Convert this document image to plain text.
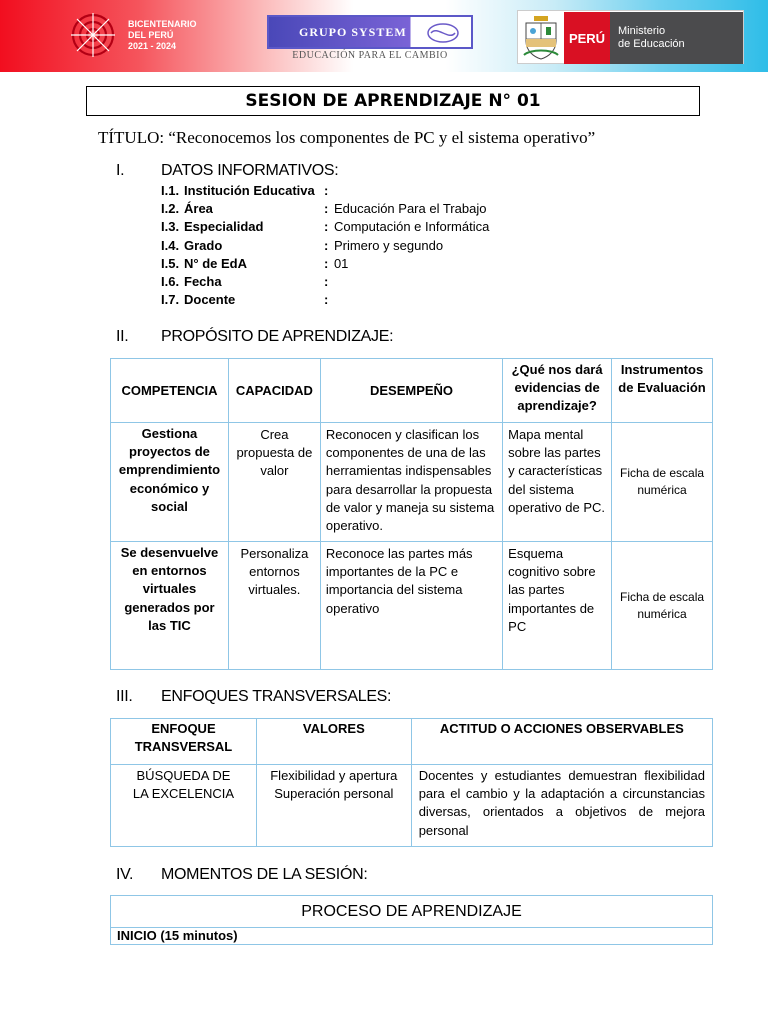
BICENTENARIO
DEL PERÚ
2021 - 2024
GRUPO SYSTEM
EDUCACIÓN PARA EL CAMBIO
PERÚ	Ministerio
de Educación
SESION DE APRENDIZAJE N° 01
TÍTULO: “Reconocemos los componentes de PC y el sistema operativo”
I. DATOS INFORMATIVOS:
I.1. Institución Educativa :
I.2. Área	: Educación Para el Trabajo
I.3. Especialidad	: Computación e Informática
I.4. Grado	: Primero y segundo
I.5. N° de EdA	: 01
I.6. Fecha	:
I.7. Docente	:
II. PROPÓSITO DE APRENDIZAJE:
COMPETENCIA	CAPACIDAD	DESEMPEÑO	¿Qué nos dará evidencias de aprendizaje?	Instrumentos de Evaluación
Gestiona proyectos de emprendimiento económico y social	Crea propuesta de valor	Reconocen y clasifican los componentes de una de las herramientas indispensables para desarrollar la propuesta de valor y maneja su sistema operativo.	Mapa mental sobre las partes y características del sistema operativo de PC.	Ficha de escala numérica
Se desenvuelve en entornos virtuales generados por las TIC	Personaliza entornos virtuales.	Reconoce las partes más importantes de la PC e importancia del sistema operativo	Esquema cognitivo sobre las partes importantes de PC	Ficha de escala numérica
III. ENFOQUES TRANSVERSALES:
ENFOQUE TRANSVERSAL	VALORES	ACTITUD O ACCIONES OBSERVABLES
BÚSQUEDA DE LA EXCELENCIA	Flexibilidad y apertura Superación personal	Docentes y estudiantes demuestran flexibilidad para el cambio y la adaptación a circunstancias diversas, orientados a objetivos de mejora personal
IV. MOMENTOS DE LA SESIÓN:
PROCESO DE APRENDIZAJE
INICIO (15 minutos)
